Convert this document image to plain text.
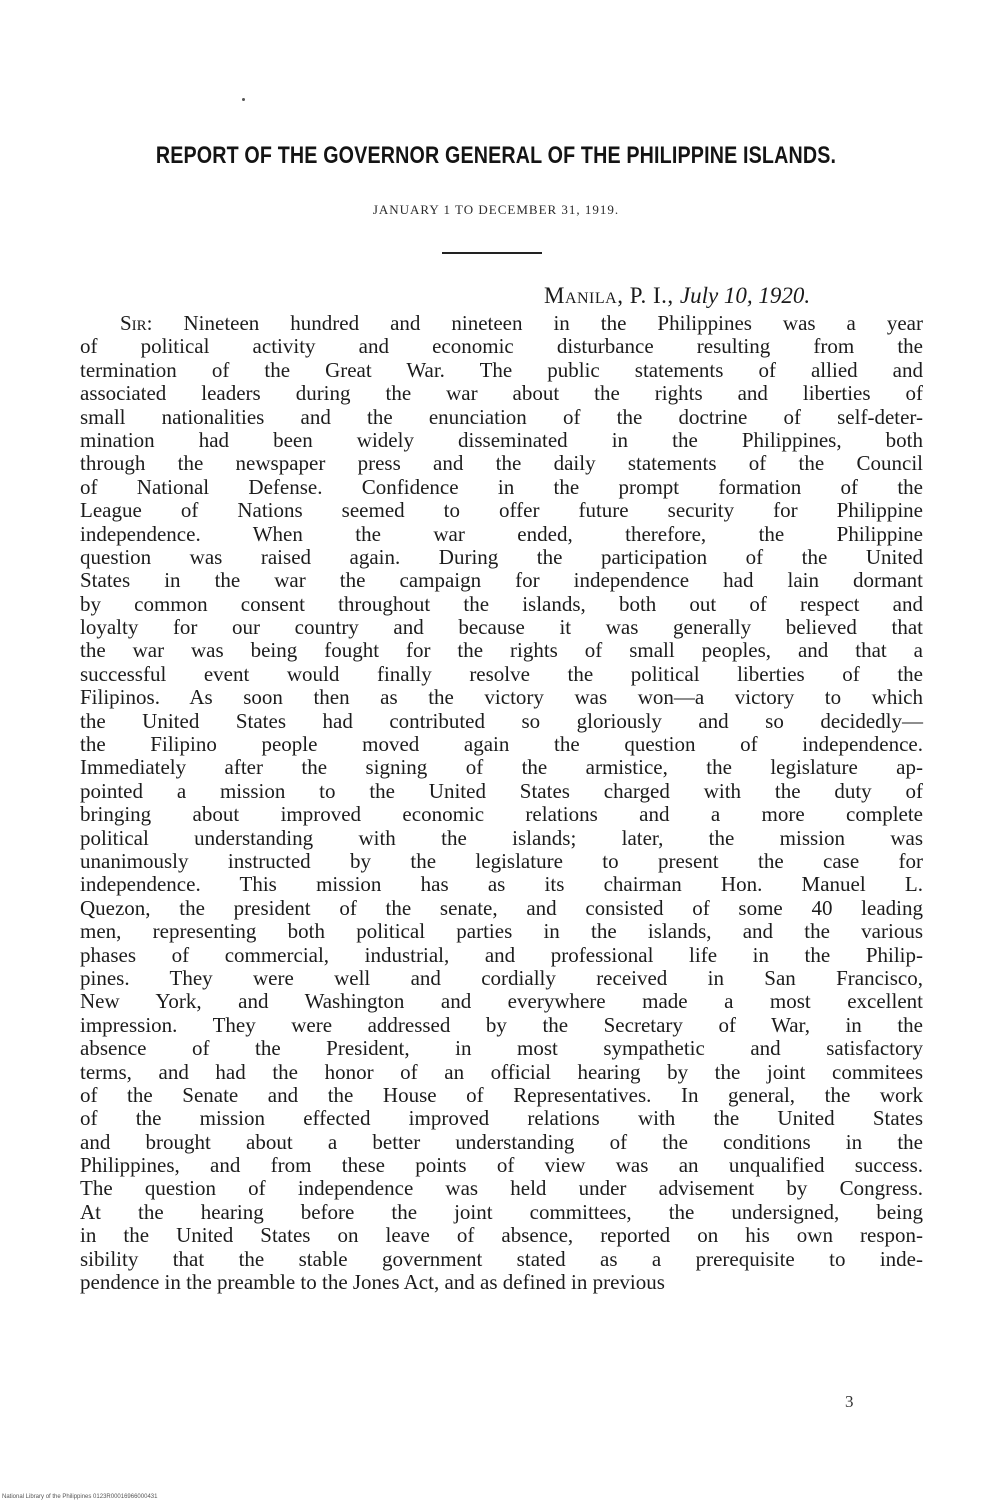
REPORT OF THE GOVERNOR GENERAL OF THE PHILIPPINE ISLANDS.
JANUARY 1 TO DECEMBER 31, 1919.
Manila, P. I., July 10, 1920.
Sir: Nineteen hundred and nineteen in the Philippines was a year
of political activity and economic disturbance resulting from the
termination of the Great War. The public statements of allied and
associated leaders during the war about the rights and liberties of
small nationalities and the enunciation of the doctrine of self-deter-
mination had been widely disseminated in the Philippines, both
through the newspaper press and the daily statements of the Council
of National Defense. Confidence in the prompt formation of the
League of Nations seemed to offer future security for Philippine
independence. When the war ended, therefore, the Philippine
question was raised again. During the participation of the United
States in the war the campaign for independence had lain dormant
by common consent throughout the islands, both out of respect and
loyalty for our country and because it was generally believed that
the war was being fought for the rights of small peoples, and that a
successful event would finally resolve the political liberties of the
Filipinos. As soon then as the victory was won—a victory to which
the United States had contributed so gloriously and so decidedly—
the Filipino people moved again the question of independence.
Immediately after the signing of the armistice, the legislature ap-
pointed a mission to the United States charged with the duty of
bringing about improved economic relations and a more complete
political understanding with the islands; later, the mission was
unanimously instructed by the legislature to present the case for
independence. This mission has as its chairman Hon. Manuel L.
Quezon, the president of the senate, and consisted of some 40 leading
men, representing both political parties in the islands, and the various
phases of commercial, industrial, and professional life in the Philip-
pines. They were well and cordially received in San Francisco,
New York, and Washington and everywhere made a most excellent
impression. They were addressed by the Secretary of War, in the
absence of the President, in most sympathetic and satisfactory
terms, and had the honor of an official hearing by the joint commitees
of the Senate and the House of Representatives. In general, the work
of the mission effected improved relations with the United States
and brought about a better understanding of the conditions in the
Philippines, and from these points of view was an unqualified success.
The question of independence was held under advisement by Congress.
At the hearing before the joint committees, the undersigned, being
in the United States on leave of absence, reported on his own respon-
sibility that the stable government stated as a prerequisite to inde-
pendence in the preamble to the Jones Act, and as defined in previous
3
National Library of the Philippines 0123R00016966000431
